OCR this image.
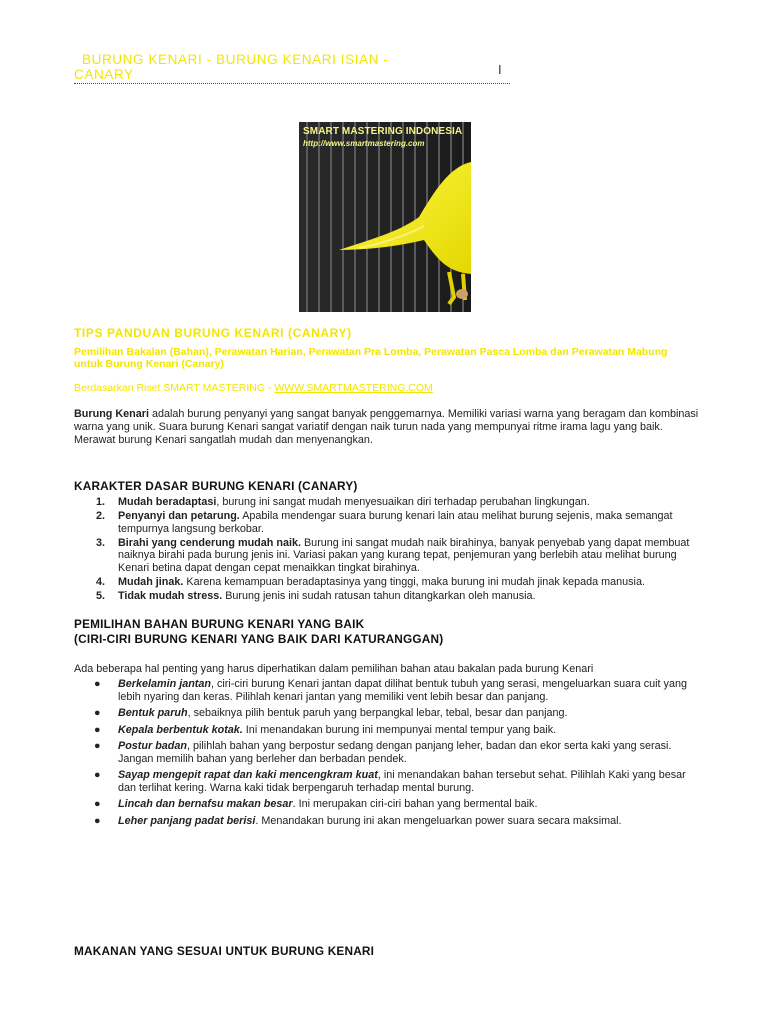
BURUNG KENARI - BURUNG KENARI ISIAN -
CANARY	I
SMART MASTERING INDONESIA
http://www.smartmastering.com
TIPS PANDUAN BURUNG KENARI (CANARY)
Pemilihan Bakalan (Bahan), Perawatan Harian, Perawatan Pra Lomba, Perawatan Pasca Lomba dan Perawatan Mabung untuk Burung Kenari (Canary)
Berdasarkan Riset SMART MASTERING - WWW.SMARTMASTERING.COM
Burung Kenari adalah burung penyanyi yang sangat banyak penggemarnya. Memiliki variasi warna yang beragam dan kombinasi warna yang unik. Suara burung Kenari sangat variatif dengan naik turun nada yang mempunyai ritme irama lagu yang baik. Merawat burung Kenari sangatlah mudah dan menyenangkan.
KARAKTER DASAR BURUNG KENARI (CANARY)
1. Mudah beradaptasi, burung ini sangat mudah menyesuaikan diri terhadap perubahan lingkungan.
2. Penyanyi dan petarung. Apabila mendengar suara burung kenari lain atau melihat burung sejenis, maka semangat tempurnya langsung berkobar.
3. Birahi yang cenderung mudah naik. Burung ini sangat mudah naik birahinya, banyak penyebab yang dapat membuat naiknya birahi pada burung jenis ini. Variasi pakan yang kurang tepat, penjemuran yang berlebih atau melihat burung Kenari betina dapat dengan cepat menaikkan tingkat birahinya.
4. Mudah jinak. Karena kemampuan beradaptasinya yang tinggi, maka burung ini mudah jinak kepada manusia.
5. Tidak mudah stress. Burung jenis ini sudah ratusan tahun ditangkarkan oleh manusia.
PEMILIHAN BAHAN BURUNG KENARI YANG BAIK
(CIRI-CIRI BURUNG KENARI YANG BAIK DARI KATURANGGAN)
Ada beberapa hal penting yang harus diperhatikan dalam pemilihan bahan atau bakalan pada burung Kenari
● Berkelamin jantan, ciri-ciri burung Kenari jantan dapat dilihat bentuk tubuh yang serasi, mengeluarkan suara cuit yang lebih nyaring dan keras. Pilihlah kenari jantan yang memiliki vent lebih besar dan panjang.
● Bentuk paruh, sebaiknya pilih bentuk paruh yang berpangkal lebar, tebal, besar dan panjang.
● Kepala berbentuk kotak. Ini menandakan burung ini mempunyai mental tempur yang baik.
● Postur badan, pilihlah bahan yang berpostur sedang dengan panjang leher, badan dan ekor serta kaki yang serasi. Jangan memilih bahan yang berleher dan berbadan pendek.
● Sayap mengepit rapat dan kaki mencengkram kuat, ini menandakan bahan tersebut sehat. Pilihlah Kaki yang besar dan terlihat kering. Warna kaki tidak berpengaruh terhadap mental burung.
● Lincah dan bernafsu makan besar. Ini merupakan ciri-ciri bahan yang bermental baik.
● Leher panjang padat berisi. Menandakan burung ini akan mengeluarkan power suara secara maksimal.
MAKANAN YANG SESUAI UNTUK BURUNG KENARI
